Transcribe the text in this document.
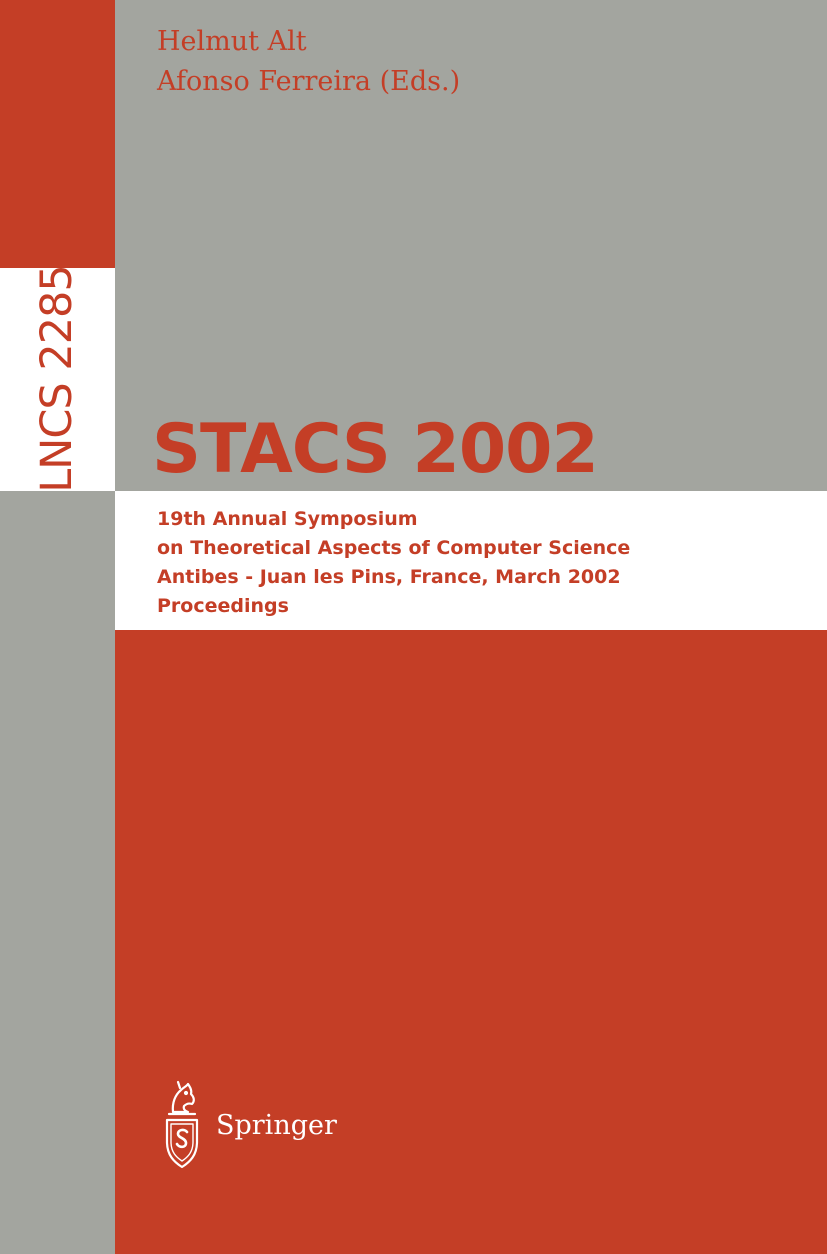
Helmut Alt
Afonso Ferreira (Eds.)

LNCS 2285 STACS 2002

19th Annual Symposium
on Theoretical Aspects of Computer Science
Antibes - Juan les Pins, France, March 2002
Proceedings

Springer
